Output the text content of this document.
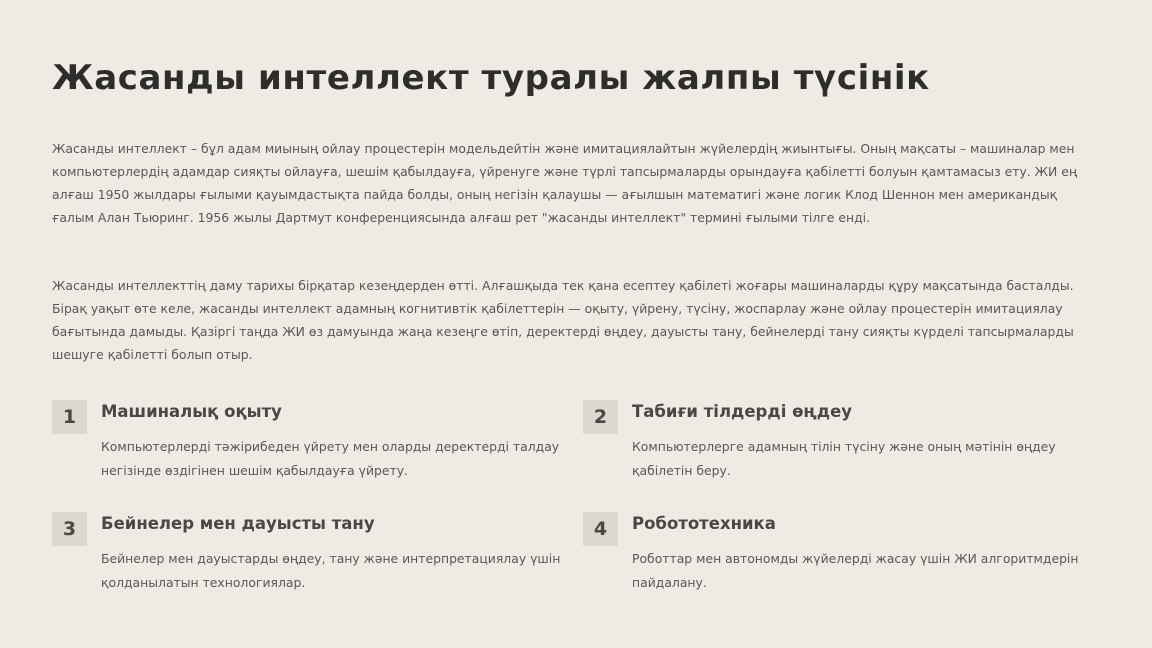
Жасанды интеллект туралы жалпы түсінік

Жасанды интеллект – бұл адам миының ойлау процестерін модельдейтін және имитациялайтын жүйелердің жиынтығы. Оның мақсаты – машиналар мен компьютерлердің адамдар сияқты ойлауға, шешім қабылдауға, үйренуге және түрлі тапсырмаларды орындауға қабілетті болуын қамтамасыз ету. ЖИ ең алғаш 1950 жылдары ғылыми қауымдастықта пайда болды, оның негізін қалаушы — ағылшын математигі және логик Клод Шеннон мен американдық ғалым Алан Тьюринг. 1956 жылы Дартмут конференциясында алғаш рет "жасанды интеллект" термині ғылыми тілге енді.

Жасанды интеллекттің даму тарихы бірқатар кезеңдерден өтті. Алғашқыда тек қана есептеу қабілеті жоғары машиналарды құру мақсатында басталды. Бірақ уақыт өте келе, жасанды интеллект адамның когнитивтік қабілеттерін — оқыту, үйрену, түсіну, жоспарлау және ойлау процестерін имитациялау бағытында дамыды. Қазіргі таңда ЖИ өз дамуында жаңа кезеңге өтіп, деректерді өңдеу, дауысты тану, бейнелерді тану сияқты күрделі тапсырмаларды шешуге қабілетті болып отыр.

1	Машиналық оқыту

Компьютерлерді тәжірибеден үйрету мен оларды деректерді талдау негізінде өздігінен шешім қабылдауға үйрету.

2	Табиғи тілдерді өңдеу

Компьютерлерге адамның тілін түсіну және оның мәтінін өңдеу қабілетін беру.

3	Бейнелер мен дауысты тану

Бейнелер мен дауыстарды өңдеу, тану және интерпретациялау үшін қолданылатын технологиялар.

4	Робототехника

Роботтар мен автономды жүйелерді жасау үшін ЖИ алгоритмдерін пайдалану.
